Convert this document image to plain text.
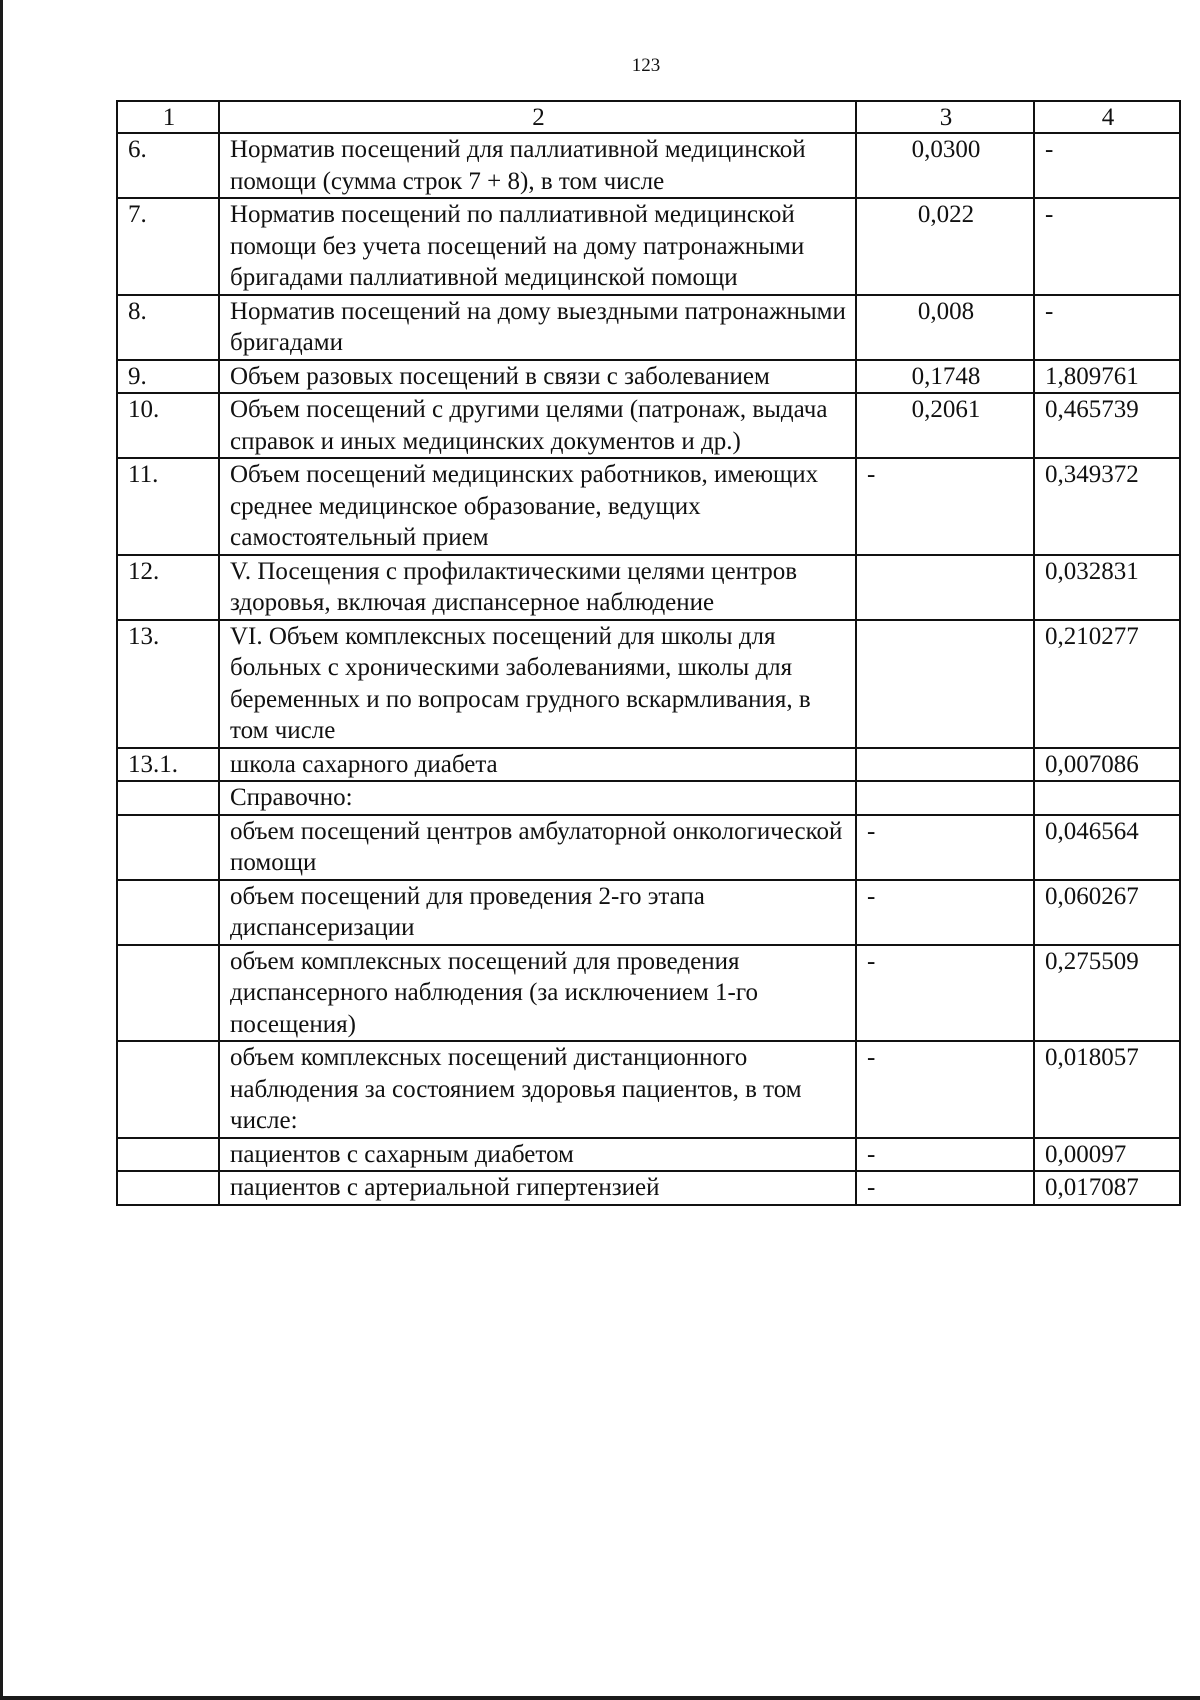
123
1	2	3	4
6.	Норматив посещений для паллиативной медицинской помощи (сумма строк 7 + 8), в том числе	0,0300	-
7.	Норматив посещений по паллиативной медицинской помощи без учета посещений на дому патронажными бригадами паллиативной медицинской помощи	0,022	-
8.	Норматив посещений на дому выездными патронажными бригадами	0,008	-
9.	Объем разовых посещений в связи с заболеванием	0,1748	1,809761
10.	Объем посещений с другими целями (патронаж, выдача справок и иных медицинских документов и др.)	0,2061	0,465739
11.	Объем посещений медицинских работников, имеющих среднее медицинское образование, ведущих самостоятельный прием	-	0,349372
12.	V. Посещения с профилактическими целями центров здоровья, включая диспансерное наблюдение		0,032831
13.	VI. Объем комплексных посещений для школы для больных с хроническими заболеваниями, школы для беременных и по вопросам грудного вскармливания, в том числе		0,210277
13.1.	школа сахарного диабета		0,007086
	Справочно:		
	объем посещений центров амбулаторной онкологической помощи	-	0,046564
	объем посещений для проведения 2-го этапа диспансеризации	-	0,060267
	объем комплексных посещений для проведения диспансерного наблюдения (за исключением 1-го посещения)	-	0,275509
	объем комплексных посещений дистанционного наблюдения за состоянием здоровья пациентов, в том числе:	-	0,018057
	пациентов с сахарным диабетом	-	0,00097
	пациентов с артериальной гипертензией	-	0,017087
